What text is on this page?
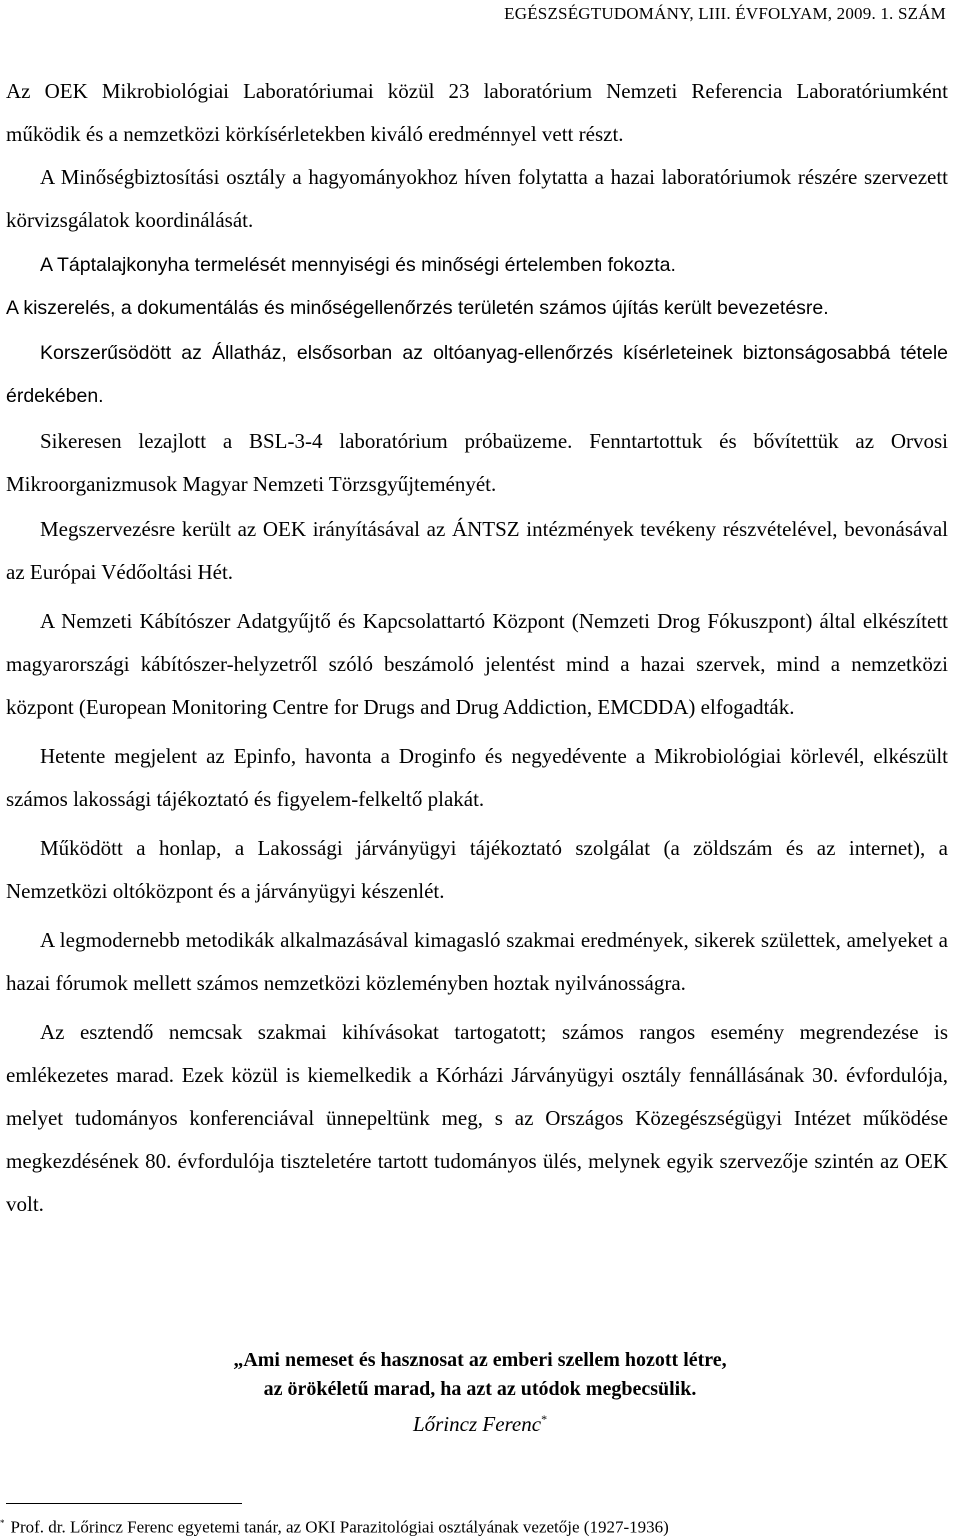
EGÉSZSÉGTUDOMÁNY, LIII. ÉVFOLYAM, 2009. 1. SZÁM

Az OEK Mikrobiológiai Laboratóriumai közül 23 laboratórium Nemzeti Referencia Laboratóriumként működik és a nemzetközi körkísérletekben kiváló eredménnyel vett részt.

A Minőségbiztosítási osztály a hagyományokhoz híven folytatta a hazai laboratóriumok részére szervezett körvizsgálatok koordinálását.

A Táptalajkonyha termelését mennyiségi és minőségi értelemben fokozta.

A kiszerelés, a dokumentálás és minőségellenőrzés területén számos újítás került bevezetésre.

Korszerűsödött az Állatház, elsősorban az oltóanyag-ellenőrzés kísérleteinek biztonságosabbá tétele érdekében.

Sikeresen lezajlott a BSL-3-4 laboratórium próbaüzeme. Fenntartottuk és bővítettük az Orvosi Mikroorganizmusok Magyar Nemzeti Törzsgyűjteményét.

Megszervezésre került az OEK irányításával az ÁNTSZ intézmények tevékeny részvételével, bevonásával az Európai Védőoltási Hét.

A Nemzeti Kábítószer Adatgyűjtő és Kapcsolattartó Központ (Nemzeti Drog Fókuszpont) által elkészített magyarországi kábítószer-helyzetről szóló beszámoló jelentést mind a hazai szervek, mind a nemzetközi központ (European Monitoring Centre for Drugs and Drug Addiction, EMCDDA) elfogadták.

Hetente megjelent az Epinfo, havonta a Droginfo és negyedévente a Mikrobiológiai körlevél, elkészült számos lakossági tájékoztató és figyelem-felkeltő plakát.

Működött a honlap, a Lakossági járványügyi tájékoztató szolgálat (a zöldszám és az internet), a Nemzetközi oltóközpont és a járványügyi készenlét.

A legmodernebb metodikák alkalmazásával kimagasló szakmai eredmények, sikerek születtek, amelyeket a hazai fórumok mellett számos nemzetközi közleményben hoztak nyilvánosságra.

Az esztendő nemcsak szakmai kihívásokat tartogatott; számos rangos esemény megrendezése is emlékezetes marad. Ezek közül is kiemelkedik a Kórházi Járványügyi osztály fennállásának 30. évfordulója, melyet tudományos konferenciával ünnepeltünk meg, s az Országos Közegészségügyi Intézet működése megkezdésének 80. évfordulója tiszteletére tartott tudományos ülés, melynek egyik szervezője szintén az OEK volt.

„Ami nemeset és hasznosat az emberi szellem hozott létre,
az örökéletű marad, ha azt az utódok megbecsülik.
Lőrincz Ferenc*
* Prof. dr. Lőrincz Ferenc egyetemi tanár, az OKI Parazitológiai osztályának vezetője (1927-1936)
